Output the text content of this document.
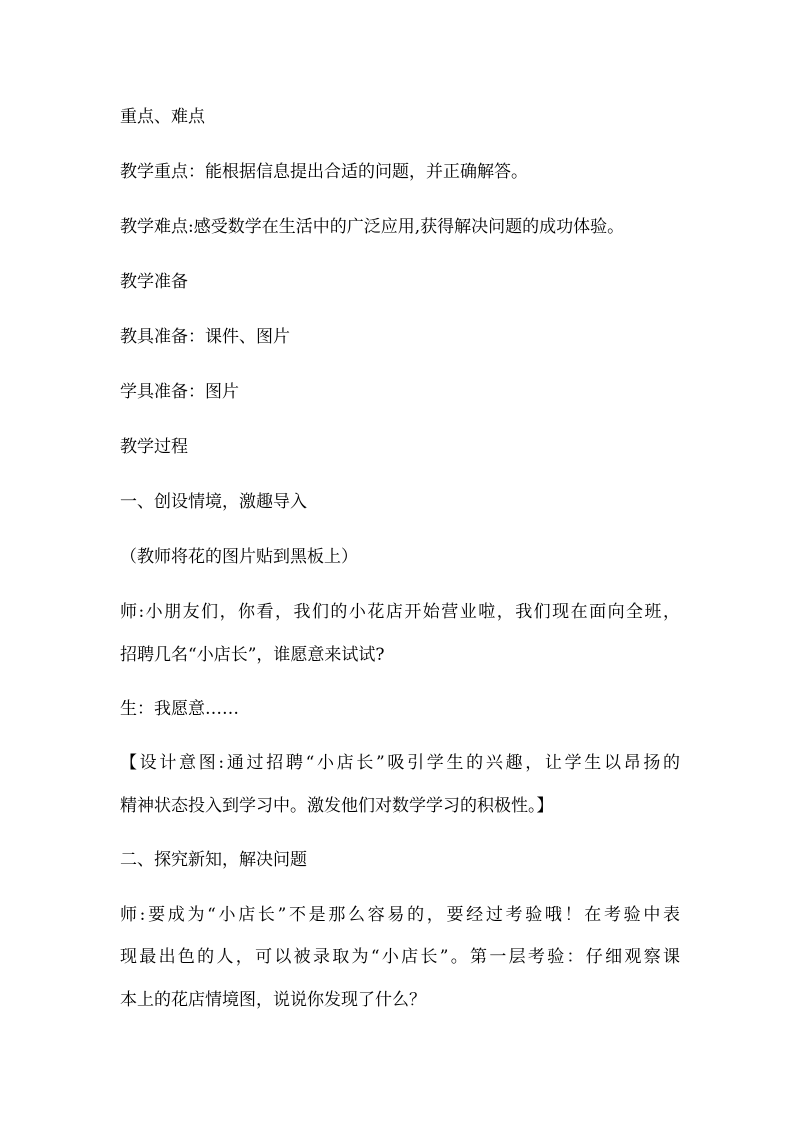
重点、难点
教学重点：能根据信息提出合适的问题，并正确解答。
教学难点:感受数学在生活中的广泛应用,获得解决问题的成功体验。
教学准备
教具准备：课件、图片
学具准备：图片
教学过程
一、创设情境，激趣导入
（教师将花的图片贴到黑板上）
师:小朋友们，你看，我们的小花店开始营业啦，我们现在面向全班，
招聘几名“小店长”，谁愿意来试试?
生：我愿意……
【设计意图:通过招聘“小店长”吸引学生的兴趣，让学生以昂扬的
精神状态投入到学习中。激发他们对数学学习的积极性。】
二、探究新知，解决问题
师:要成为“小店长”不是那么容易的，要经过考验哦！在考验中表
现最出色的人，可以被录取为“小店长”。第一层考验：仔细观察课
本上的花店情境图，说说你发现了什么？
